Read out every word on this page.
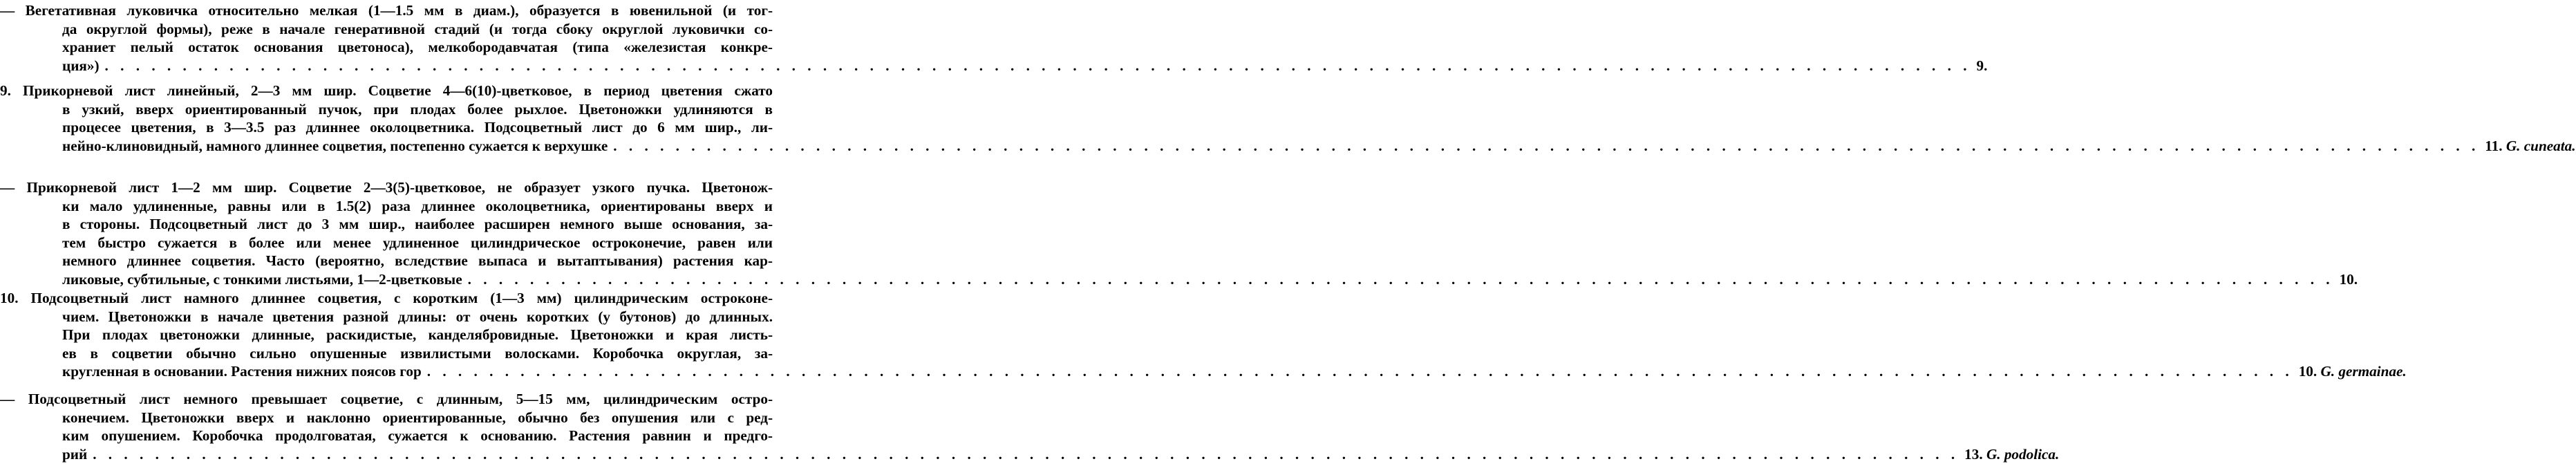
— Вегетативная луковичка относительно мелкая (1—1.5 мм в диам.), образуется в ювенильной (и тог-
да округлой формы), реже в начале генеративной стадий (и тогда сбоку округлой луковички со-
храниет пелый остаток основания цветоноса), мелкобородавчатая (типа «железистая конкре-
ция») . . . . . . . . . . . . . . . . . . . . . . . . . . . . . . . . . . . . . . . . . . . . . . . . . . . . . . . . . . . . . . . . . . . . . . . . . . . . . . . . . . . . . . . . . . . . . . . . . . . . . . . . . . . . . . . . . . . . . . . . 9.
9. Прикорневой лист линейный, 2—3 мм шир. Соцветие 4—6(10)-цветковое, в период цветения сжато
в узкий, вверх ориентированный пучок, при плодах более рыхлое. Цветоножки удлиняются в
процесее цветения, в 3—3.5 раз длиннее околоцветника. Подсоцветный лист до 6 мм шир., ли-
нейно-клиновидный, намного длиннее соцветия, постепенно сужается к верхушке . . . . . . . . . . . . . . . . . . . . . . . . . . . . . . . . . . . . . . . . . . . . . . . . . . . . . . . . . . . . . . . . . . . . . . . . . . . . . . . . . . . . . . . . . . . . . . . . . . . . . . . . . . . . . . . . . . . . . . . . 11. G. cuneata.
— Прикорневой лист 1—2 мм шир. Соцветие 2—3(5)-цветковое, не образует узкого пучка. Цветонож-
ки мало удлиненные, равны или в 1.5(2) раза длиннее околоцветника, ориентированы вверх и
в стороны. Подсоцветный лист до 3 мм шир., наиболее расширен немного выше основания, за-
тем быстро сужается в более или менее удлиненное цилиндрическое остроконечие, равен или
немного длиннее соцветия. Часто (вероятно, вследствие выпаса и вытаптывания) растения кар-
ликовые, субтильные, с тонкими листьями, 1—2-цветковые . . . . . . . . . . . . . . . . . . . . . . . . . . . . . . . . . . . . . . . . . . . . . . . . . . . . . . . . . . . . . . . . . . . . . . . . . . . . . . . . . . . . . . . . . . . . . . . . . . . . . . . . . . . . . . . . . . . . . . . . 10.
10. Подсоцветный лист намного длиннее соцветия, с коротким (1—3 мм) цилиндрическим остроконе-
чием. Цветоножки в начале цветения разной длины: от очень коротких (у бутонов) до длинных.
При плодах цветоножки длинные, раскидистые, канделябровидные. Цветоножки и края листь-
ев в соцветии обычно сильно опушенные извилистыми волосками. Коробочка округлая, за-
кругленная в основании. Растения нижних поясов гор . . . . . . . . . . . . . . . . . . . . . . . . . . . . . . . . . . . . . . . . . . . . . . . . . . . . . . . . . . . . . . . . . . . . . . . . . . . . . . . . . . . . . . . . . . . . . . . . . . . . . . . . . . . . . . . . . . . . . . . . 10. G. germainae.
— Подсоцветный лист немного превышает соцветие, с длинным, 5—15 мм, цилиндрическим остро-
конечием. Цветоножки вверх и наклонно ориентированные, обычно без опушения или с ред-
ким опушением. Коробочка продолговатая, сужается к основанию. Растения равнин и предго-
рий . . . . . . . . . . . . . . . . . . . . . . . . . . . . . . . . . . . . . . . . . . . . . . . . . . . . . . . . . . . . . . . . . . . . . . . . . . . . . . . . . . . . . . . . . . . . . . . . . . . . . . . . . . . . . . . . . . . . . . . . 13. G. podolica.
